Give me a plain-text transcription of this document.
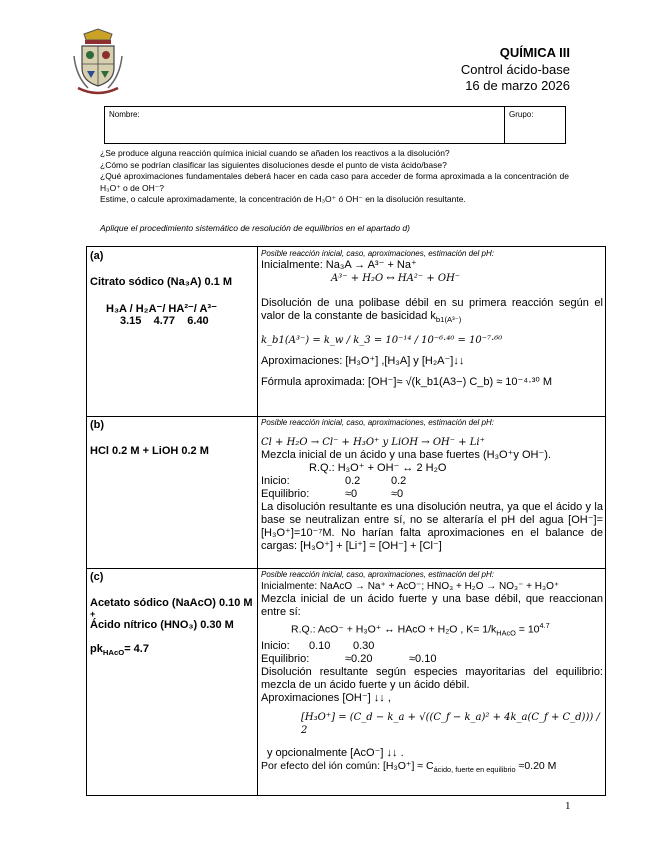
QUÍMICA III
Control ácido-base
16 de marzo 2026
Nombre:	Grupo:

¿Se produce alguna reacción química inicial cuando se añaden los reactivos a la disolución?

¿Cómo se podrían clasificar las siguientes disoluciones desde el punto de vista ácido/base?

¿Qué aproximaciones fundamentales deberá hacer en cada caso para acceder de forma aproximada a la concentración de H₃O⁺ o de OH⁻?

Estime, o calcule aproximadamente, la concentración de H₃O⁺ ó OH⁻ en la disolución resultante.

Aplique el procedimiento sistemático de resolución de equilibrios en el apartado d)
(a)
Citrato sódico (Na₃A) 0.1 M
H₃A / H₂A⁻/ HA²⁻/ A³⁻
3.15    4.77    6.40
Posible reacción inicial, caso, aproximaciones, estimación del pH:
Inicialmente: Na₃A → A³⁻ + Na⁺
A³⁻ + H₂O ↔ HA²⁻ + OH⁻
Disolución de una polibase débil en su primera reacción según el valor de la constante de basicidad $k_{b1(A^{3-})}$
k_b1(A³⁻) = k_w / k_3 = 10⁻¹⁴ / 10⁻⁶·⁴⁰ = 10⁻⁷·⁶⁰
Aproximaciones: [H₃O⁺] ,[H₃A] y [H₂A⁻]↓↓
Fórmula aproximada: [OH⁻]≈ √(k_b1(A3−) C_b) ≈ 10⁻⁴·³⁰ M
(b)
HCl 0.2 M + LiOH 0.2 M
Posible reacción inicial, caso, aproximaciones, estimación del pH:
Cl + H₂O → Cl⁻ + H₃O⁺ y LiOH → OH⁻ + Li⁺
Mezcla inicial de un ácido y una base fuertes (H₃O⁺y OH⁻).
R.Q.: H₃O⁺ + OH⁻ ↔ 2 H₂O
Inicio:	0.2	0.2
Equilibrio:	≈0	≈0
La disolución resultante es una disolución neutra, ya que el ácido y la base se neutralizan entre sí, no se alteraría el pH del agua [OH⁻]=[H₃O⁺]=10⁻⁷M. No harían falta aproximaciones en el balance de cargas: [H₃O⁺] + [Li⁺] = [OH⁻] + [Cl⁻]
(c)
Acetato sódico (NaAcO) 0.10 M
+
Ácido nítrico (HNO₃) 0.30 M
$pk_{HAcO}= 4.7$
Posible reacción inicial, caso, aproximaciones, estimación del pH:
Inicialmente: NaAcO → Na⁺ + AcO⁻; HNO₃ + H₂O → NO₃⁻ + H₃O⁺
Mezcla inicial de un ácido fuerte y una base débil, que reaccionan entre sí:
R.Q.: AcO⁻ + H₃O⁺ ↔ HAcO + H₂O , $K= 1/k_{HAcO} = 10^{4.7}$
Inicio: 0.10 0.30
Equilibrio:	≈0.20	≈0.10
Disolución resultante según especies mayoritarias del equilibrio: mezcla de un ácido fuerte y un ácido débil.
Aproximaciones [OH⁻] ↓↓ ,
[H₃O⁺] = (C_d − k_a + √((C_f − k_a)² + 4k_a(C_f + C_d))) / 2
y opcionalmente [AcO⁻] ↓↓ .
Por efecto del ión común: $[H_3O^+] \approx C_{ácido, fuerte en equilibrio} \approx 0.20$ M
1
